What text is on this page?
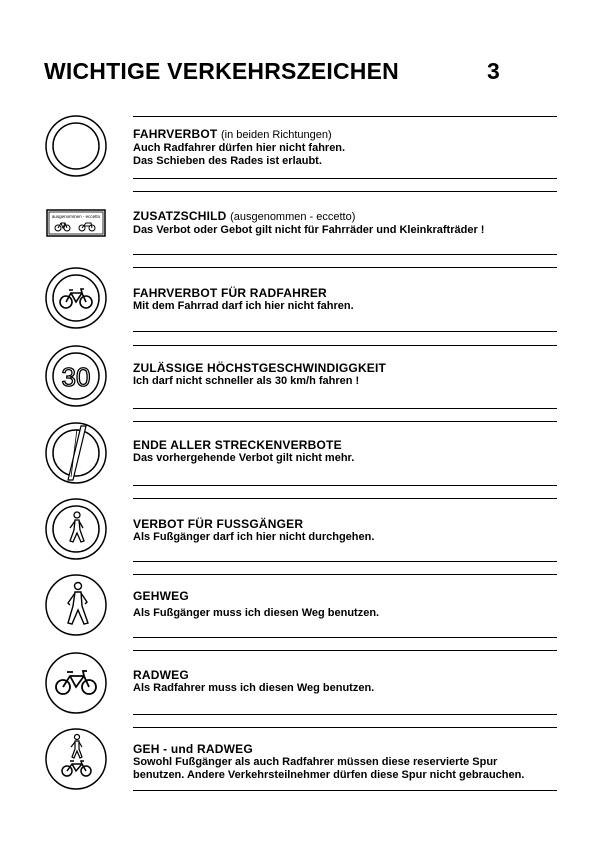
WICHTIGE VERKEHRSZEICHEN	3
ausgenommen - eccetto
30
FAHRVERBOT (in beiden Richtungen)
Auch Radfahrer dürfen hier nicht fahren.
Das Schieben des Rades ist erlaubt.
ZUSATZSCHILD (ausgenommen - eccetto)
Das Verbot oder Gebot gilt nicht für Fahrräder und Kleinkrafträder !
FAHRVERBOT FÜR RADFAHRER
Mit dem Fahrrad darf ich hier nicht fahren.
ZULÄSSIGE HÖCHSTGESCHWINDIGGKEIT
Ich darf nicht schneller als 30 km/h fahren !
ENDE ALLER STRECKENVERBOTE
Das vorhergehende Verbot gilt nicht mehr.
VERBOT FÜR FUSSGÄNGER
Als Fußgänger darf ich hier nicht durchgehen.
GEHWEG
Als Fußgänger muss ich diesen Weg benutzen.
RADWEG
Als Radfahrer muss ich diesen Weg benutzen.
GEH - und RADWEG
Sowohl Fußgänger als auch Radfahrer müssen diese reservierte Spur
benutzen. Andere Verkehrsteilnehmer dürfen diese Spur nicht gebrauchen.
